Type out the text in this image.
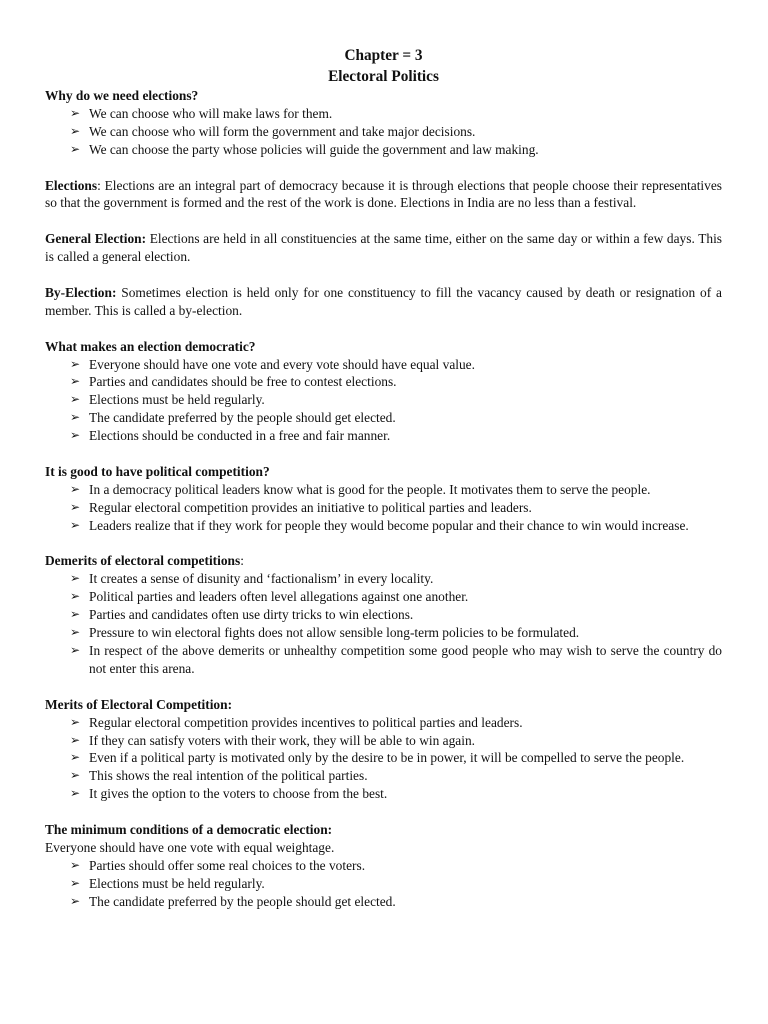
Chapter = 3
Electoral Politics
Why do we need elections?
➢ We can choose who will make laws for them.
➢ We can choose who will form the government and take major decisions.
➢ We can choose the party whose policies will guide the government and law making.

Elections: Elections are an integral part of democracy because it is through elections that people choose their representatives so that the government is formed and the rest of the work is done. Elections in India are no less than a festival.

General Election: Elections are held in all constituencies at the same time, either on the same day or within a few days. This is called a general election.

By-Election: Sometimes election is held only for one constituency to fill the vacancy caused by death or resignation of a member. This is called a by-election.

What makes an election democratic?
➢ Everyone should have one vote and every vote should have equal value.
➢ Parties and candidates should be free to contest elections.
➢ Elections must be held regularly.
➢ The candidate preferred by the people should get elected.
➢ Elections should be conducted in a free and fair manner.
It is good to have political competition?
➢ In a democracy political leaders know what is good for the people. It motivates them to serve the people.
➢ Regular electoral competition provides an initiative to political parties and leaders.
➢ Leaders realize that if they work for people they would become popular and their chance to win would increase.
Demerits of electoral competitions:
➢ It creates a sense of disunity and ‘factionalism’ in every locality.
➢ Political parties and leaders often level allegations against one another.
➢ Parties and candidates often use dirty tricks to win elections.
➢ Pressure to win electoral fights does not allow sensible long-term policies to be formulated.
➢ In respect of the above demerits or unhealthy competition some good people who may wish to serve the country do not enter this arena.
Merits of Electoral Competition:
➢ Regular electoral competition provides incentives to political parties and leaders.
➢ If they can satisfy voters with their work, they will be able to win again.
➢ Even if a political party is motivated only by the desire to be in power, it will be compelled to serve the people.
➢ This shows the real intention of the political parties.
➢ It gives the option to the voters to choose from the best.
The minimum conditions of a democratic election:
Everyone should have one vote with equal weightage.
➢ Parties should offer some real choices to the voters.
➢ Elections must be held regularly.
➢ The candidate preferred by the people should get elected.
